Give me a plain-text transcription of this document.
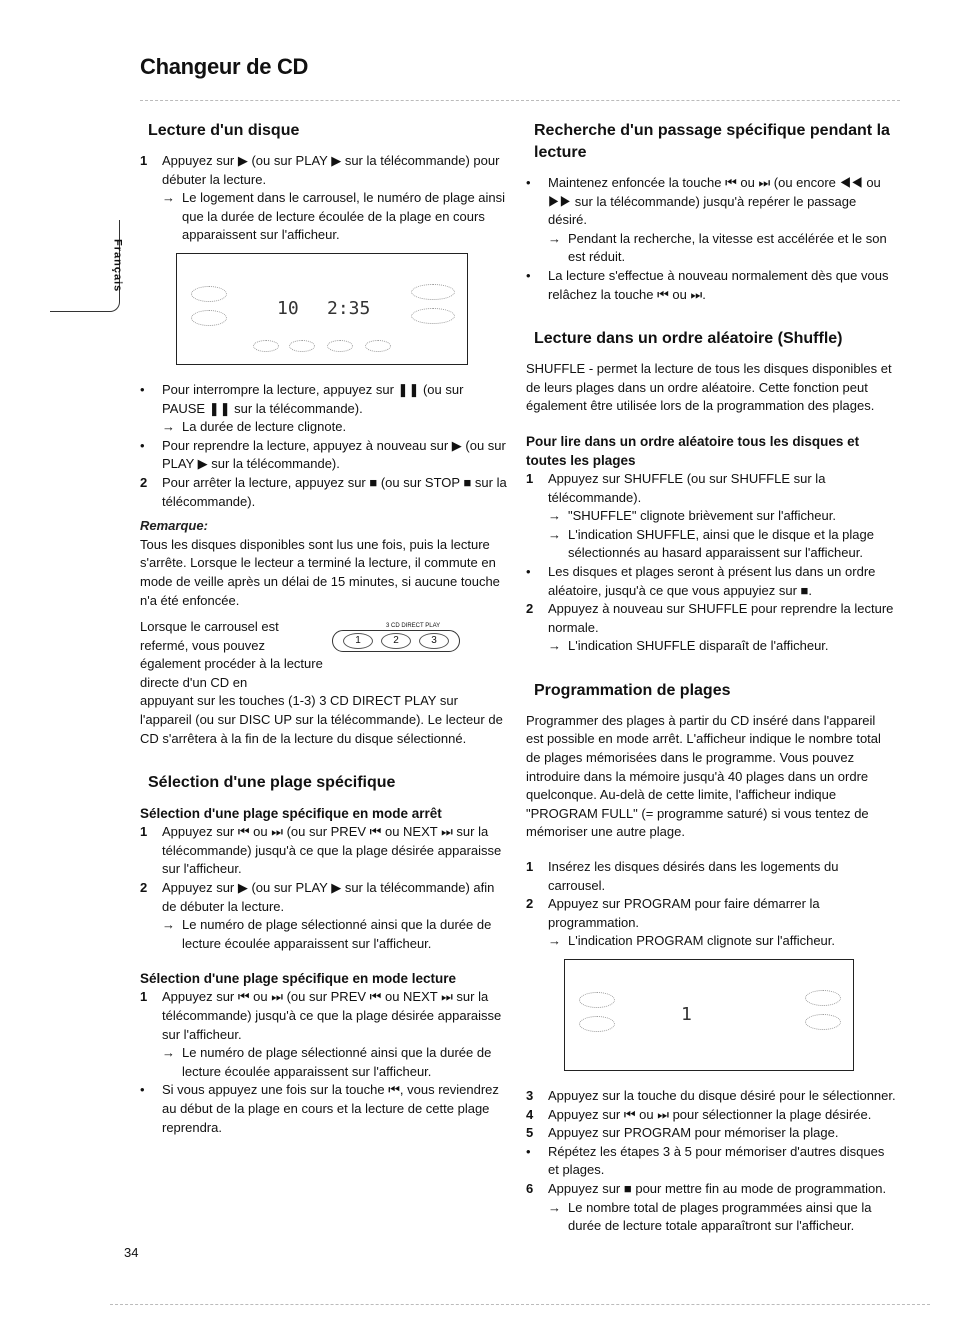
Changeur de CD
Français
Lecture d'un disque
1	Appuyez sur ▶ (ou sur PLAY ▶ sur la télécommande) pour débuter la lecture.
→ Le logement dans le carrousel, le numéro de plage ainsi que la durée de lecture écoulée de la plage en cours apparaissent sur l'afficheur.
10 2:35
•	Pour interrompre la lecture, appuyez sur ❚❚ (ou sur PAUSE ❚❚ sur la télécommande).
→ La durée de lecture clignote.
•	Pour reprendre la lecture, appuyez à nouveau sur ▶ (ou sur PLAY ▶ sur la télécommande).
2	Pour arrêter la lecture, appuyez sur ■ (ou sur STOP ■ sur la télécommande).

Remarque:

Tous les disques disponibles sont lus une fois, puis la lecture s'arrête. Lorsque le lecteur a terminé la lecture, il commute en mode de veille après un délai de 15 minutes, si aucune touche n'a été enfoncée.

Lorsque le carrousel est refermé, vous pouvez également procéder à la lecture directe d'un CD en

3 CD DIRECT PLAY
1	2	3

appuyant sur les touches (1-3) 3 CD DIRECT PLAY sur l'appareil (ou sur DISC UP sur la télécommande). Le lecteur de CD s'arrêtera à la fin de la lecture du disque sélectionné.

Sélection d'une plage spécifique
Sélection d'une plage spécifique en mode arrêt
1	Appuyez sur ⏮ ou ⏭ (ou sur PREV ⏮ ou NEXT ⏭ sur la télécommande) jusqu'à ce que la plage désirée apparaisse sur l'afficheur.
2	Appuyez sur ▶ (ou sur PLAY ▶ sur la télécommande) afin de débuter la lecture.
→ Le numéro de plage sélectionné ainsi que la durée de lecture écoulée apparaissent sur l'afficheur.
Sélection d'une plage spécifique en mode lecture
1	Appuyez sur ⏮ ou ⏭ (ou sur PREV ⏮ ou NEXT ⏭ sur la télécommande) jusqu'à ce que la plage désirée apparaisse sur l'afficheur.
→ Le numéro de plage sélectionné ainsi que la durée de lecture écoulée apparaissent sur l'afficheur.
•	Si vous appuyez une fois sur la touche ⏮, vous reviendrez au début de la plage en cours et la lecture de cette plage reprendra.
Recherche d'un passage spécifique pendant la lecture
•	Maintenez enfoncée la touche ⏮ ou ⏭ (ou encore ◀◀ ou ▶▶ sur la télécommande) jusqu'à repérer le passage désiré.
→ Pendant la recherche, la vitesse est accélérée et le son est réduit.
•	La lecture s'effectue à nouveau normalement dès que vous relâchez la touche ⏮ ou ⏭.
Lecture dans un ordre aléatoire (Shuffle)

SHUFFLE - permet la lecture de tous les disques disponibles et de leurs plages dans un ordre aléatoire. Cette fonction peut également être utilisée lors de la programmation des plages.

Pour lire dans un ordre aléatoire tous les disques et toutes les plages
1	Appuyez sur SHUFFLE (ou sur SHUFFLE sur la télécommande).
→ "SHUFFLE" clignote brièvement sur l'afficheur.
→ L'indication SHUFFLE, ainsi que le disque et la plage sélectionnés au hasard apparaissent sur l'afficheur.
•	Les disques et plages seront à présent lus dans un ordre aléatoire, jusqu'à ce que vous appuyiez sur ■.
2	Appuyez à nouveau sur SHUFFLE pour reprendre la lecture normale.
→ L'indication SHUFFLE disparaît de l'afficheur.
Programmation de plages

Programmer des plages à partir du CD inséré dans l'appareil est possible en mode arrêt. L'afficheur indique le nombre total de plages mémorisées dans le programme. Vous pouvez introduire dans la mémoire jusqu'à 40 plages dans un ordre quelconque. Au-delà de cette limite, l'afficheur indique "PROGRAM FULL" (= programme saturé) si vous tentez de mémoriser une autre plage.

1	Insérez les disques désirés dans les logements du carrousel.
2	Appuyez sur PROGRAM pour faire démarrer la programmation.
→ L'indication PROGRAM clignote sur l'afficheur.
1
3	Appuyez sur la touche du disque désiré pour le sélectionner.
4	Appuyez sur ⏮ ou ⏭ pour sélectionner la plage désirée.
5	Appuyez sur PROGRAM pour mémoriser la plage.
•	Répétez les étapes 3 à 5 pour mémoriser d'autres disques et plages.
6	Appuyez sur ■ pour mettre fin au mode de programmation.
→ Le nombre total de plages programmées ainsi que la durée de lecture totale apparaîtront sur l'afficheur.
34
